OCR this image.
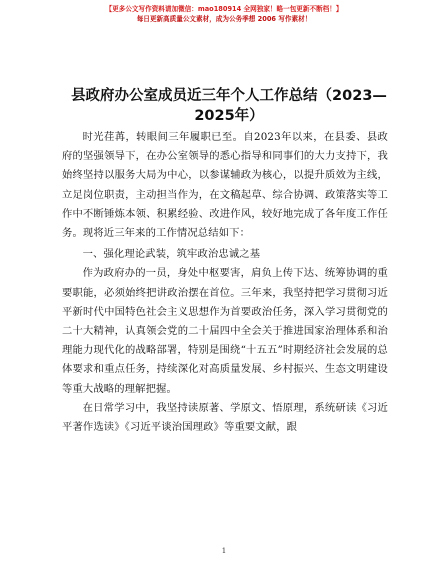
【更多公文写作资料请加微信：mao180914 全网独家！略一包更新不断档！】
每日更新高质量公文素材，成为公务季想 2006 写作素材！
县政府办公室成员近三年个人工作总结（2023—2025年）

时光荏苒，转眼间三年履职已至。自2023年以来，在县委、县政府的坚强领导下，在办公室领导的悉心指导和同事们的大力支持下，我始终坚持以服务大局为中心，以参谋辅政为核心，以提升质效为主线，立足岗位职责，主动担当作为，在文稿起草、综合协调、政策落实等工作中不断锤炼本领、积累经验、改进作风，较好地完成了各年度工作任务。现将近三年来的工作情况总结如下：

一、强化理论武装，筑牢政治忠诚之基

作为政府办的一员，身处中枢要害，肩负上传下达、统筹协调的重要职能，必须始终把讲政治摆在首位。三年来，我坚持把学习贯彻习近平新时代中国特色社会主义思想作为首要政治任务，深入学习贯彻党的二十大精神，认真领会党的二十届四中全会关于推进国家治理体系和治理能力现代化的战略部署，特别是围绕“十五五”时期经济社会发展的总体要求和重点任务，持续深化对高质量发展、乡村振兴、生态文明建设等重大战略的理解把握。

在日常学习中，我坚持读原著、学原文、悟原理，系统研读《习近平著作选读》《习近平谈治国理政》等重要文献，跟

1
